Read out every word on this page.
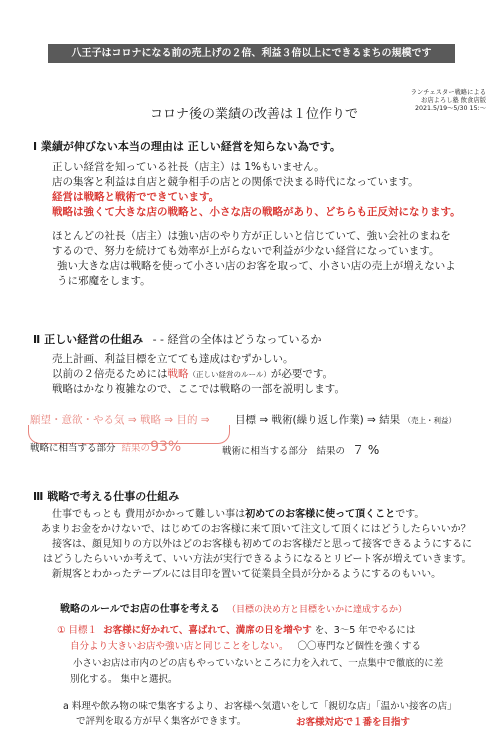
八王子はコロナになる前の売上げの２倍、利益３倍以上にできるまちの規模です
ランチェスター戦略による
お店よろし塾 飲食店版
2021.5/19〜5/30 15:〜
コロナ後の業績の改善は１位作りで
Ⅰ 業績が伸びない本当の理由は 正しい経営を知らない為です。
正しい経営を知っている社長（店主）は 1%もいません。
店の集客と利益は自店と競争相手の店との関係で決まる時代になっています。
経営は戦略と戦術でできています。
戦略は強くて大きな店の戦略と、小さな店の戦略があり、どちらも正反対になります。
ほとんどの社長（店主）は強い店のやり方が正しいと信じていて、強い会社のまねを
するので、努力を続けても効率が上がらないで利益が少ない経営になっています。
強い大きな店は戦略を使って小さい店のお客を取って、小さい店の売上が増えないよ
うに邪魔をします。
Ⅱ 正しい経営の仕組み - - 経営の全体はどうなっているか
売上計画、利益目標を立てても達成はむずかしい。
以前の２倍売るためには戦略（正しい経営のルール）が必要です。
戦略はかなり複雑なので、ここでは戦略の一部を説明します。
願望・意欲・やる気 ⇒ 戦略 ⇒ 目的 ⇒ 目標 ⇒ 戦術(繰り返し作業) ⇒ 結果 （売上・利益）
戦略に相当する部分 結果の93%	戦術に相当する部分 結果の ７ %
Ⅲ 戦略で考える仕事の仕組み
仕事でもっとも 費用がかかって難しい事は初めてのお客様に使って頂くことです。
あまりお金をかけないで、はじめてのお客様に来て頂いて注文して頂くにはどうしたらいいか？
接客は、顔見知りの方以外はどのお客様も初めてのお客様だと思って接客できるようにするに
はどうしたらいいか考えて、いい方法が実行できるようになるとリピート客が増えていきます。
新規客とわかったテーブルには目印を置いて従業員全員が分かるようにするのもいい。
戦略のルールでお店の仕事を考える （目標の決め方と目標をいかに達成するか）
① 目標１ お客様に好かれて、喜ばれて、満席の日を増やす を、3〜5 年でやるには
自分より大きいお店や強い店と同じことをしない。 〇〇専門など個性を強くする
小さいお店は市内のどの店もやっていないところに力を入れて、一点集中で徹底的に差
別化する。 集中と選択。
a 料理や飲み物の味で集客するより、お客様へ気遣いをして「親切な店」「温かい接客の店」
で評判を取る方が早く集客ができます。	お客様対応で１番を目指す
